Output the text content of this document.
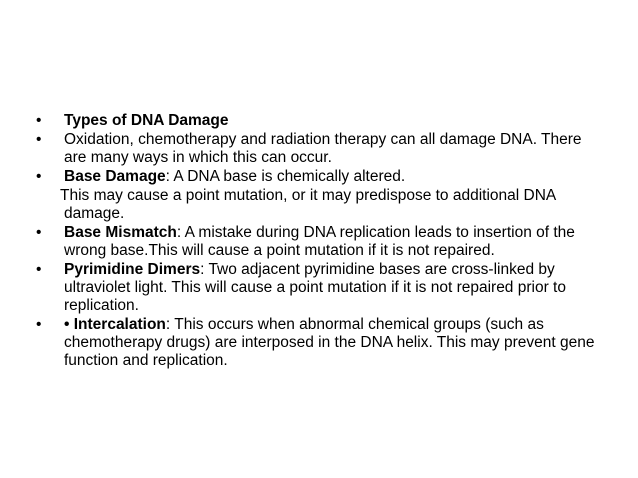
•	Types of DNA Damage
•	Oxidation, chemotherapy and radiation therapy can all damage DNA. There are many ways in which this can occur.
•	Base Damage: A DNA base is chemically altered.
This may cause a point mutation, or it may predispose to additional DNA damage.
•	Base Mismatch: A mistake during DNA replication leads to insertion of the wrong base.This will cause a point mutation if it is not repaired.
•	Pyrimidine Dimers: Two adjacent pyrimidine bases are cross-linked by ultraviolet light. This will cause a point mutation if it is not repaired prior to replication.
•	• Intercalation: This occurs when abnormal chemical groups (such as chemotherapy drugs) are interposed in the DNA helix. This may prevent gene function and replication.
